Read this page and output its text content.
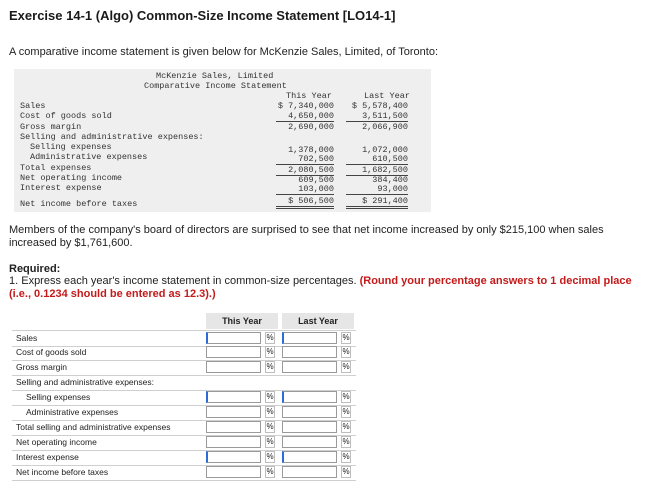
Exercise 14-1 (Algo) Common-Size Income Statement [LO14-1]
A comparative income statement is given below for McKenzie Sales, Limited, of Toronto:
McKenzie Sales, Limited
Comparative Income Statement
This Year	Last Year
Sales	$ 7,340,000	$ 5,578,400
Cost of goods sold	4,650,000	3,511,500
Gross margin	2,690,000	2,066,900
Selling and administrative expenses:
Selling expenses	1,378,000	1,072,000
Administrative expenses	702,500	610,500
Total expenses	2,080,500	1,682,500
Net operating income	609,500	384,400
Interest expense	103,000	93,000
Net income before taxes	$ 506,500	$ 291,400
Members of the company's board of directors are surprised to see that net income increased by only $215,100 when sales increased by $1,761,600.
Required:
1. Express each year's income statement in common-size percentages. (Round your percentage answers to 1 decimal place (i.e., 0.1234 should be entered as 12.3).)
This Year	Last Year
Sales	%	%
Cost of goods sold	%	%
Gross margin	%	%
Selling and administrative expenses:
Selling expenses	%	%
Administrative expenses	%	%
Total selling and administrative expenses	%	%
Net operating income	%	%
Interest expense	%	%
Net income before taxes	%	%
